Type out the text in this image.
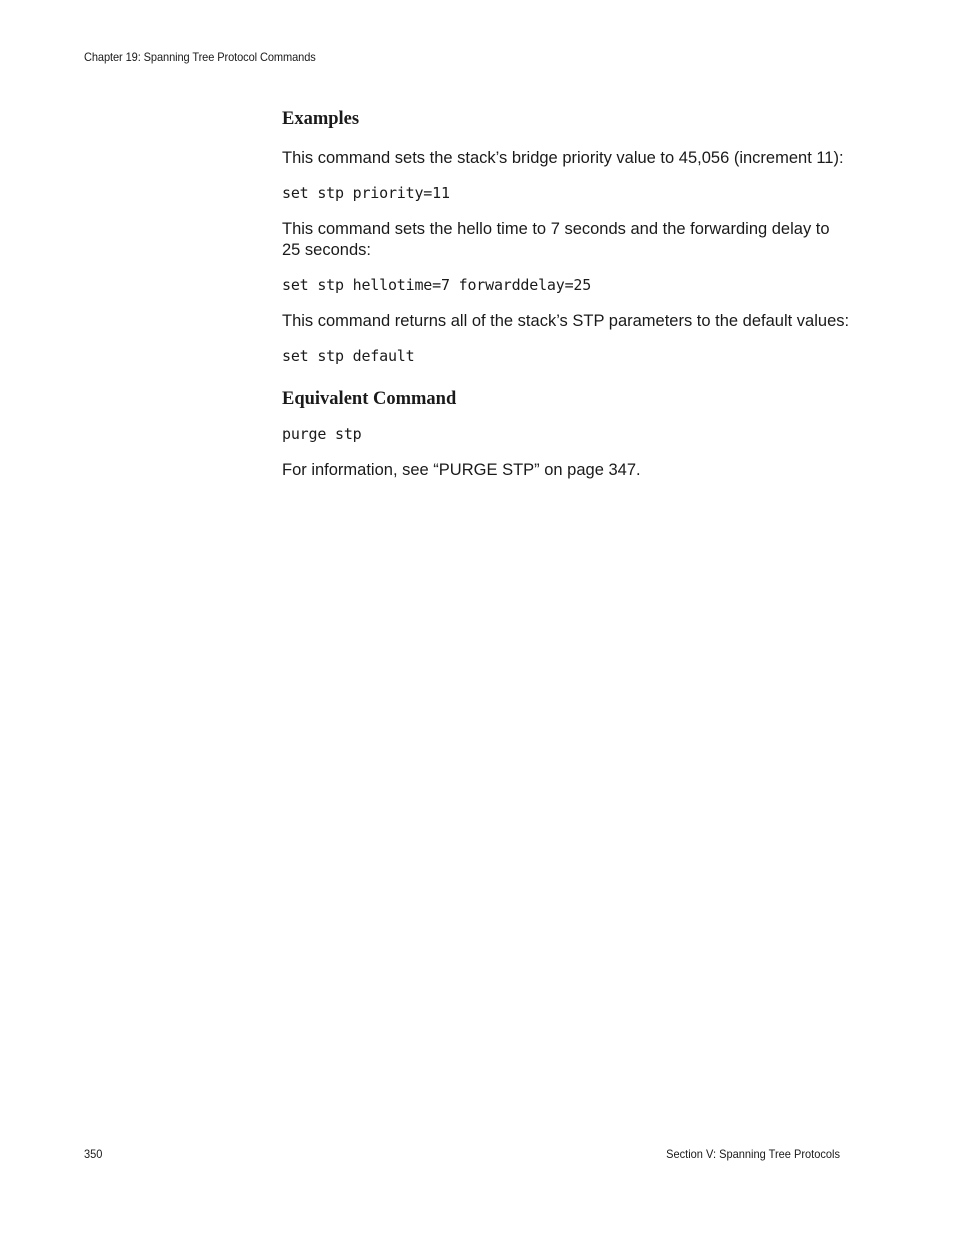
Chapter 19: Spanning Tree Protocol Commands
Examples

This command sets the stack’s bridge priority value to 45,056 (increment 11):

set stp priority=11

This command sets the hello time to 7 seconds and the forwarding delay to 25 seconds:

set stp hellotime=7 forwarddelay=25

This command returns all of the stack’s STP parameters to the default values:

set stp default
Equivalent Command
purge stp

For information, see “PURGE STP” on page 347.

350	Section V: Spanning Tree Protocols
